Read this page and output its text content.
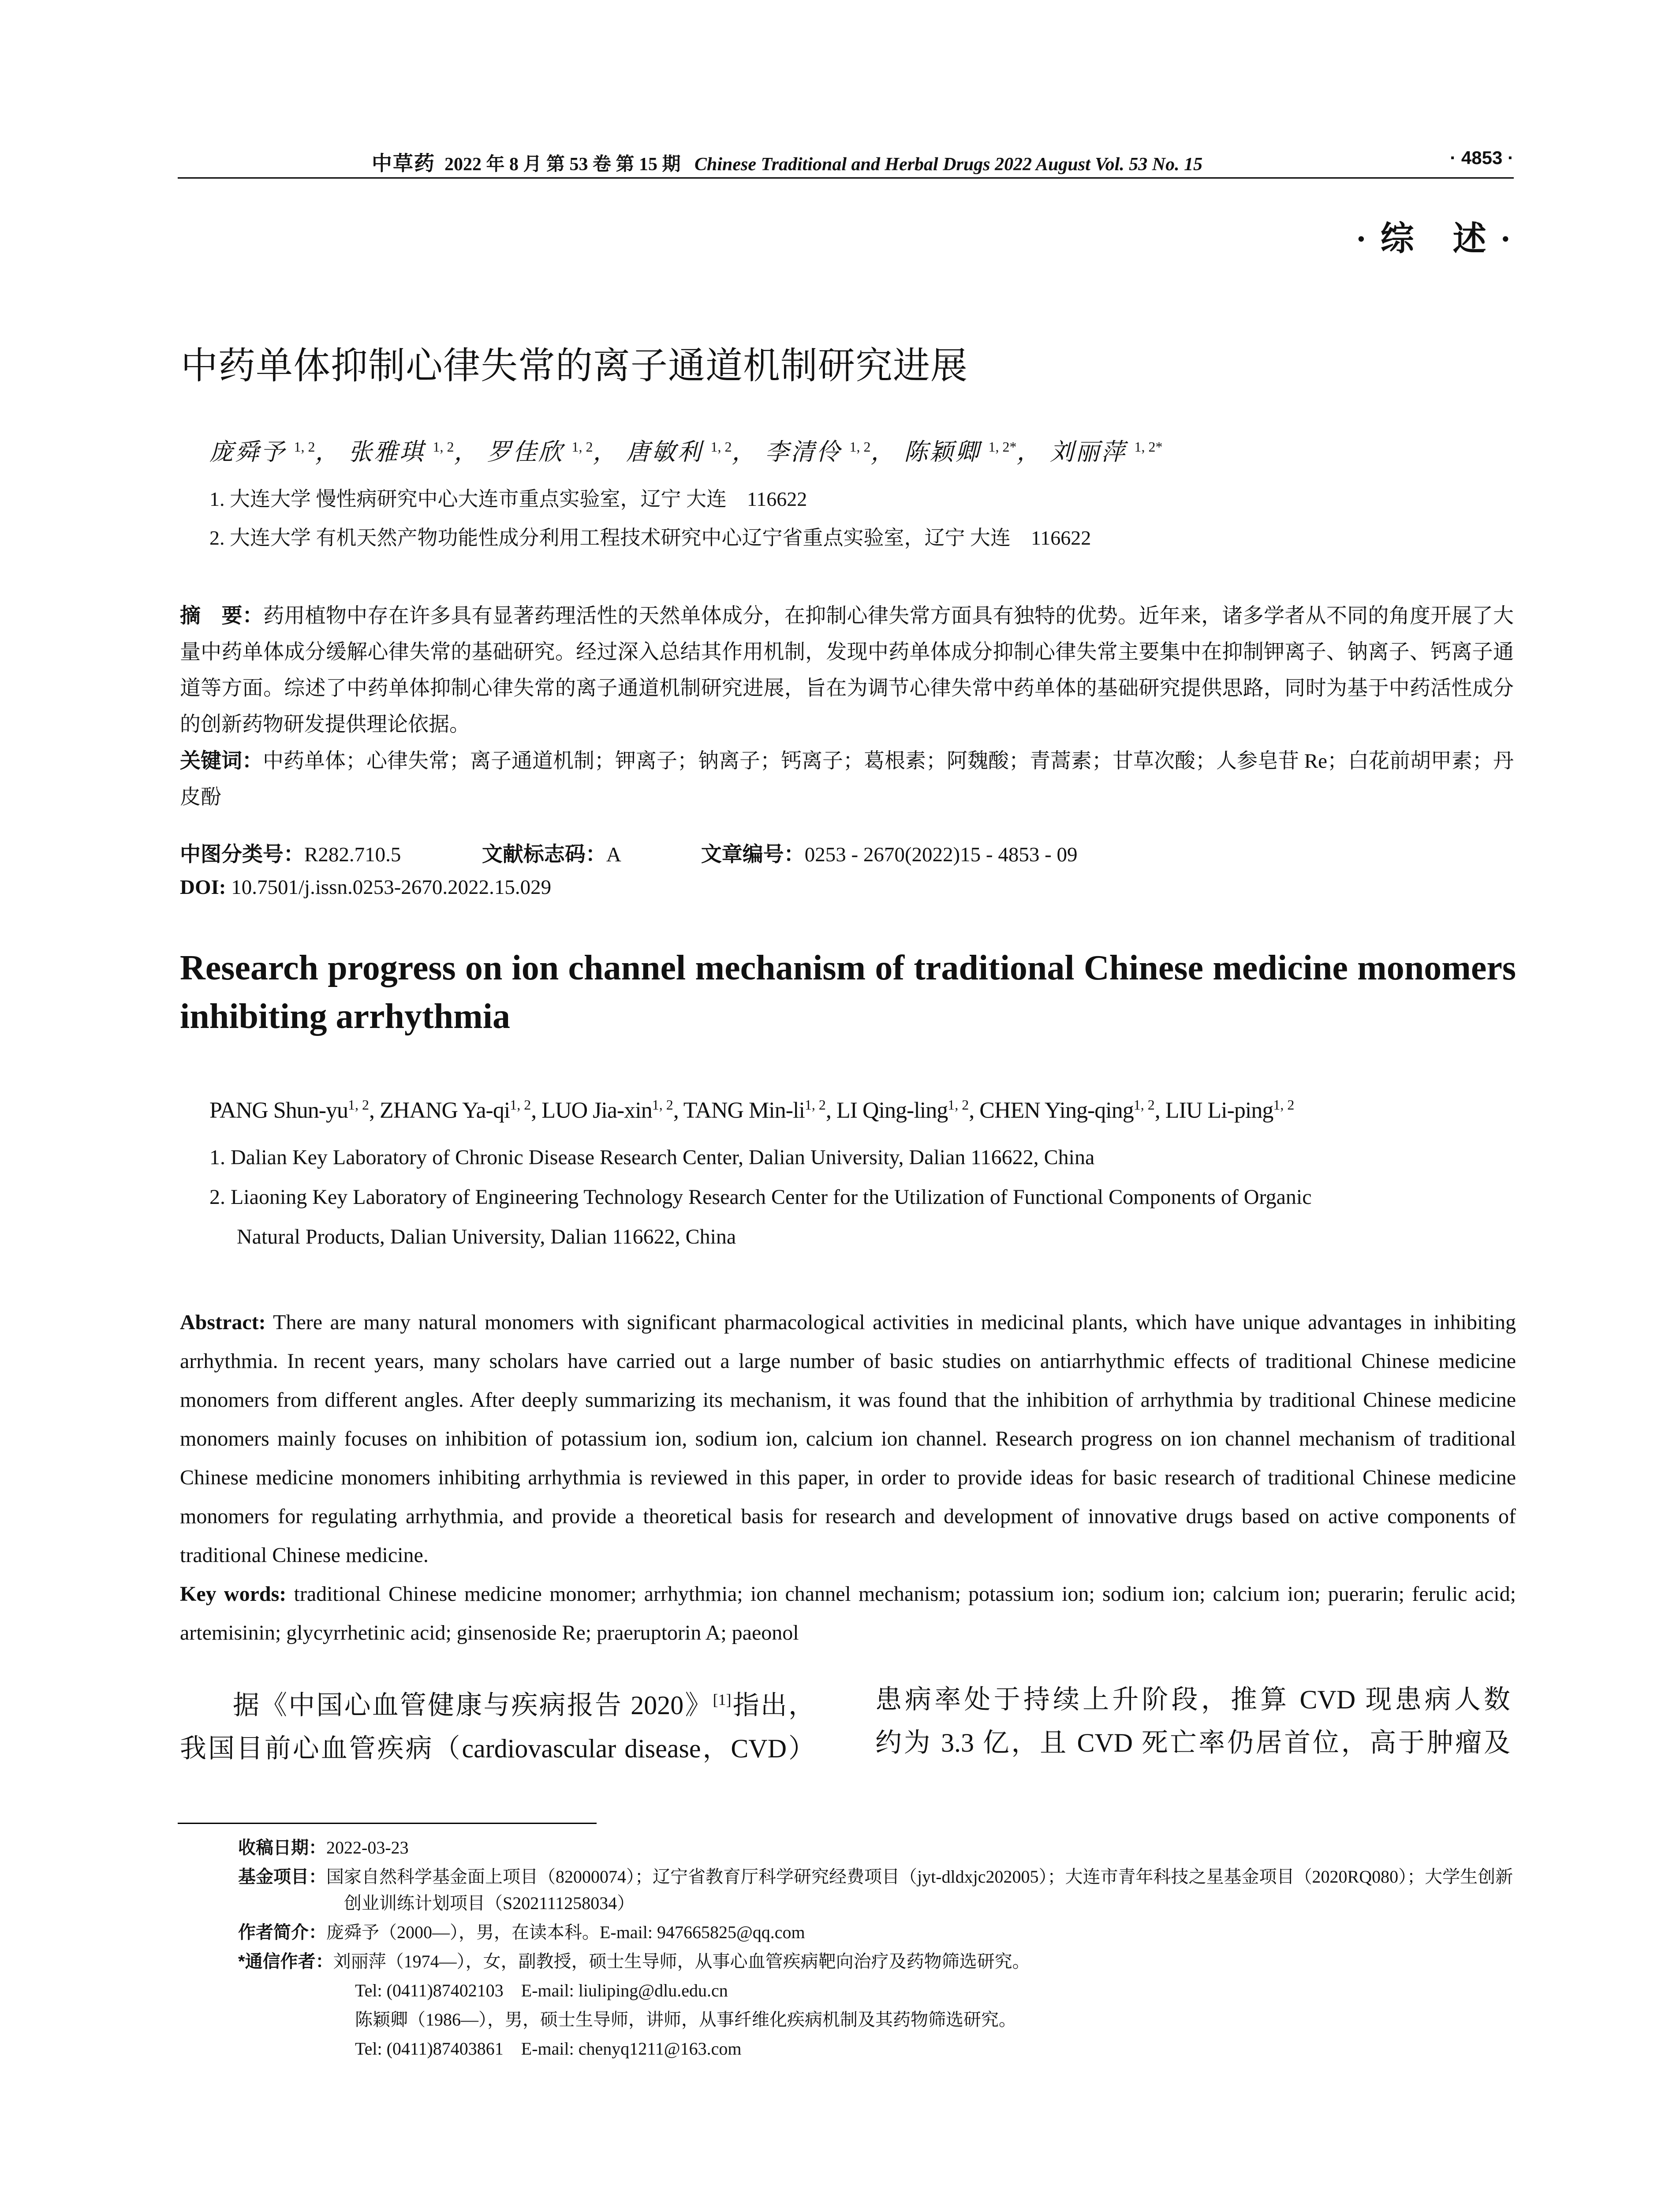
中草药 2022 年 8 月 第 53 卷 第 15 期 Chinese Traditional and Herbal Drugs 2022 August Vol. 53 No. 15	· 4853 ·
· 综　述 ·
中药单体抑制心律失常的离子通道机制研究进展
庞舜予 $^{1, 2}$， 张雅琪 $^{1, 2}$， 罗佳欣 $^{1, 2}$， 唐敏利 $^{1, 2}$， 李清伶 $^{1, 2}$， 陈颖卿 $^{1, 2*}$， 刘丽萍 $^{1, 2*}$
1. 大连大学 慢性病研究中心大连市重点实验室，辽宁 大连　116622
2. 大连大学 有机天然产物功能性成分利用工程技术研究中心辽宁省重点实验室，辽宁 大连　116622
摘　要：药用植物中存在许多具有显著药理活性的天然单体成分，在抑制心律失常方面具有独特的优势。近年来，诸多学者从不同的角度开展了大量中药单体成分缓解心律失常的基础研究。经过深入总结其作用机制，发现中药单体成分抑制心律失常主要集中在抑制钾离子、钠离子、钙离子通道等方面。综述了中药单体抑制心律失常的离子通道机制研究进展，旨在为调节心律失常中药单体的基础研究提供思路，同时为基于中药活性成分的创新药物研发提供理论依据。
关键词：中药单体；心律失常；离子通道机制；钾离子；钠离子；钙离子；葛根素；阿魏酸；青蒿素；甘草次酸；人参皂苷 Re；白花前胡甲素；丹皮酚
中图分类号：R282.710.5	文献标志码：A	文章编号：0253 - 2670(2022)15 - 4853 - 09
DOI: 10.7501/j.issn.0253-2670.2022.15.029
Research progress on ion channel mechanism of traditional Chinese medicine monomers inhibiting arrhythmia
PANG Shun-yu$^{1, 2}$, ZHANG Ya-qi$^{1, 2}$, LUO Jia-xin$^{1, 2}$, TANG Min-li$^{1, 2}$, LI Qing-ling$^{1, 2}$, CHEN Ying-qing$^{1, 2}$, LIU Li-ping$^{1, 2}$
1. Dalian Key Laboratory of Chronic Disease Research Center, Dalian University, Dalian 116622, China
2. Liaoning Key Laboratory of Engineering Technology Research Center for the Utilization of Functional Components of Organic
Natural Products, Dalian University, Dalian 116622, China
Abstract: There are many natural monomers with significant pharmacological activities in medicinal plants, which have unique advantages in inhibiting arrhythmia. In recent years, many scholars have carried out a large number of basic studies on antiarrhythmic effects of traditional Chinese medicine monomers from different angles. After deeply summarizing its mechanism, it was found that the inhibition of arrhythmia by traditional Chinese medicine monomers mainly focuses on inhibition of potassium ion, sodium ion, calcium ion channel. Research progress on ion channel mechanism of traditional Chinese medicine monomers inhibiting arrhythmia is reviewed in this paper, in order to provide ideas for basic research of traditional Chinese medicine monomers for regulating arrhythmia, and provide a theoretical basis for research and development of innovative drugs based on active components of traditional Chinese medicine.
Key words: traditional Chinese medicine monomer; arrhythmia; ion channel mechanism; potassium ion; sodium ion; calcium ion; puerarin; ferulic acid; artemisinin; glycyrrhetinic acid; ginsenoside Re; praeruptorin A; paeonol
据《中国心血管健康与疾病报告 2020》[1]指出，
我国目前心血管疾病（cardiovascular disease，CVD）
患病率处于持续上升阶段，推算 CVD 现患病人数
约为 3.3 亿，且 CVD 死亡率仍居首位，高于肿瘤及
收稿日期：2022-03-23
基金项目：国家自然科学基金面上项目（82000074）；辽宁省教育厅科学研究经费项目（jyt-dldxjc202005）；大连市青年科技之星基金项目（2020RQ080）；大学生创新创业训练计划项目（S202111258034）
作者简介：庞舜予（2000—），男，在读本科。E-mail: 947665825@qq.com
*通信作者：刘丽萍（1974—），女，副教授，硕士生导师，从事心血管疾病靶向治疗及药物筛选研究。
Tel: (0411)87402103　E-mail: liuliping@dlu.edu.cn
陈颖卿（1986—），男，硕士生导师，讲师，从事纤维化疾病机制及其药物筛选研究。
Tel: (0411)87403861　E-mail: chenyq1211@163.com
